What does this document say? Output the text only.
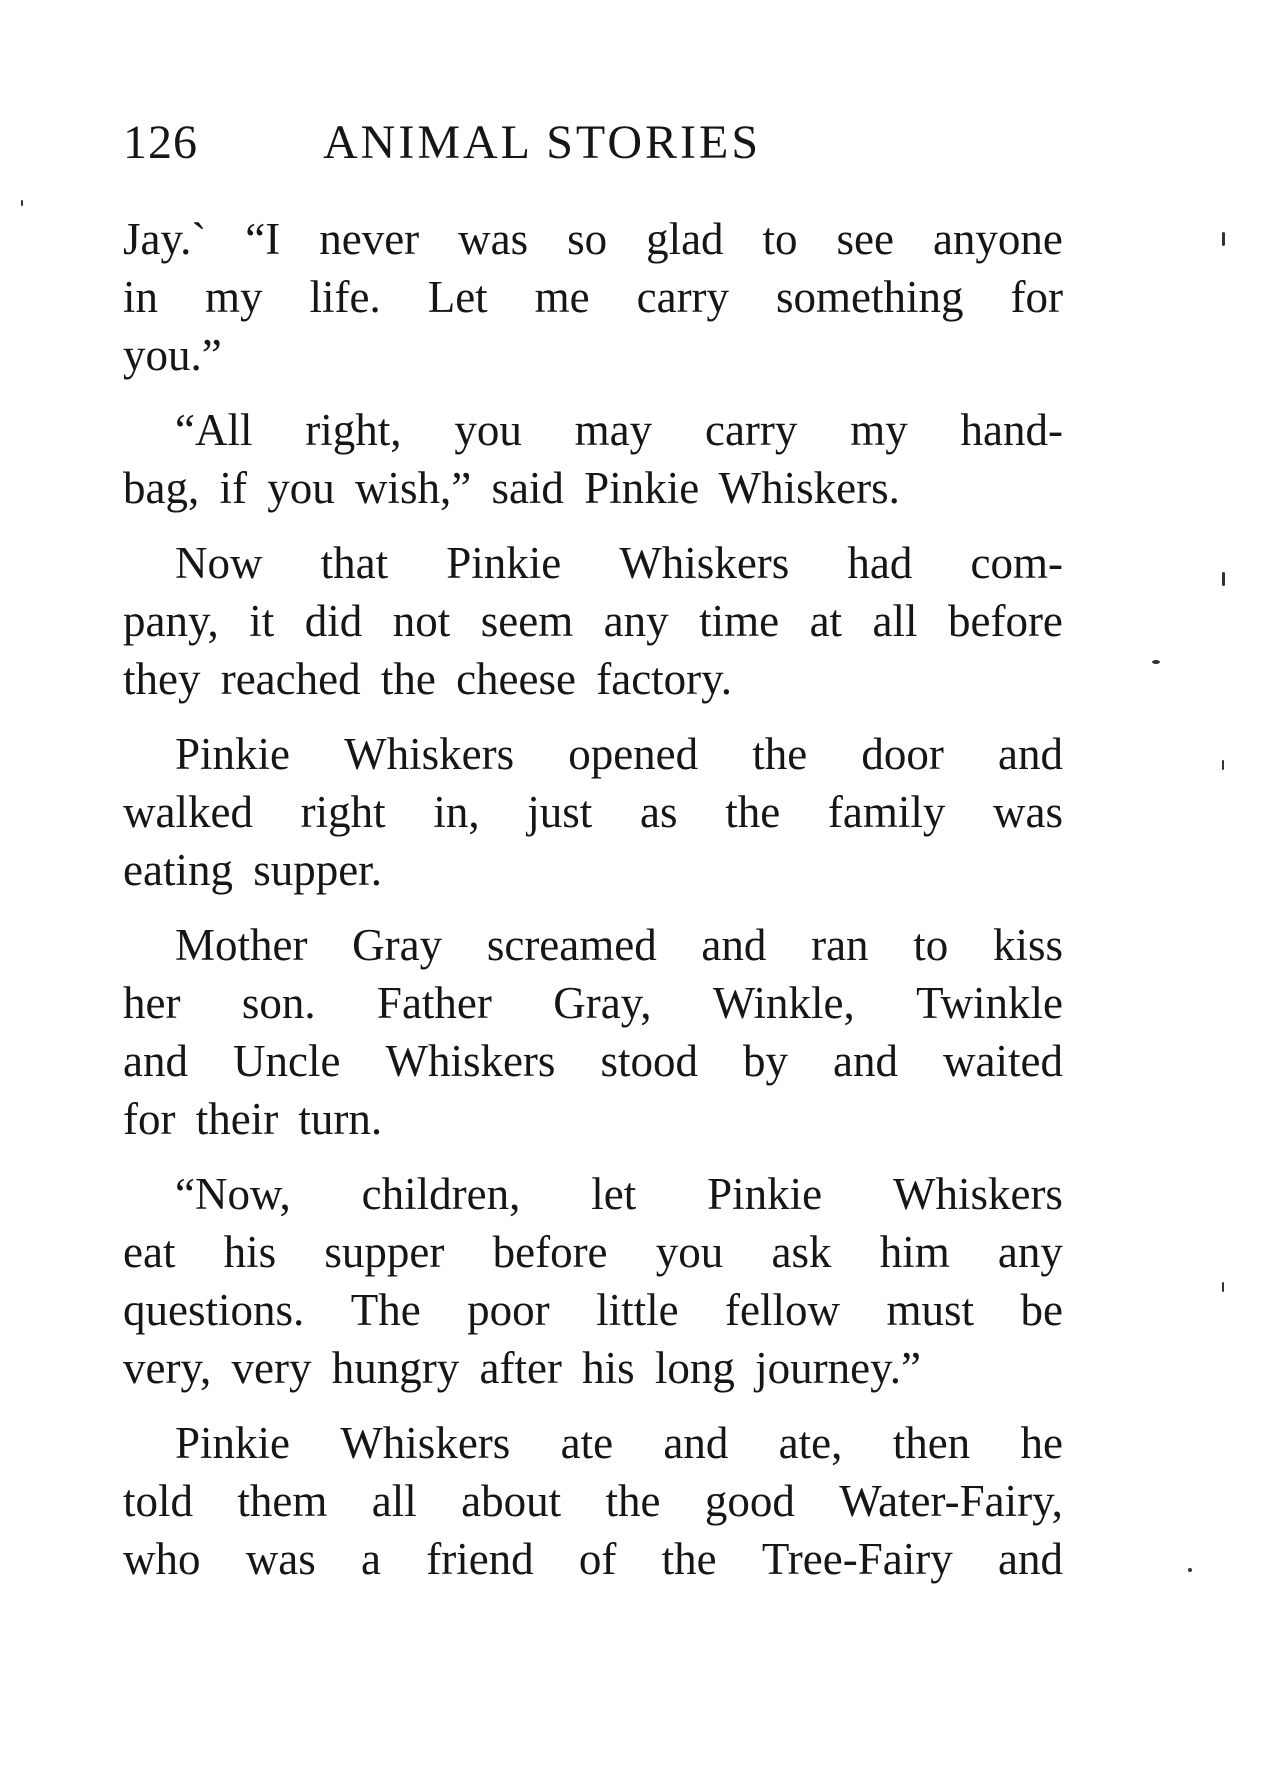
126	ANIMAL STORIES
Jay.ˋ “I never was so glad to see anyone
in my life. Let me carry something for
you.”
“All right, you may carry my hand-
bag, if you wish,” said Pinkie Whiskers.
Now that Pinkie Whiskers had com-
pany, it did not seem any time at all before
they reached the cheese factory.
Pinkie Whiskers opened the door and
walked right in, just as the family was
eating supper.
Mother Gray screamed and ran to kiss
her son. Father Gray, Winkle, Twinkle
and Uncle Whiskers stood by and waited
for their turn.
“Now, children, let Pinkie Whiskers
eat his supper before you ask him any
questions. The poor little fellow must be
very, very hungry after his long journey.”
Pinkie Whiskers ate and ate, then he
told them all about the good Water-Fairy,
who was a friend of the Tree-Fairy and
